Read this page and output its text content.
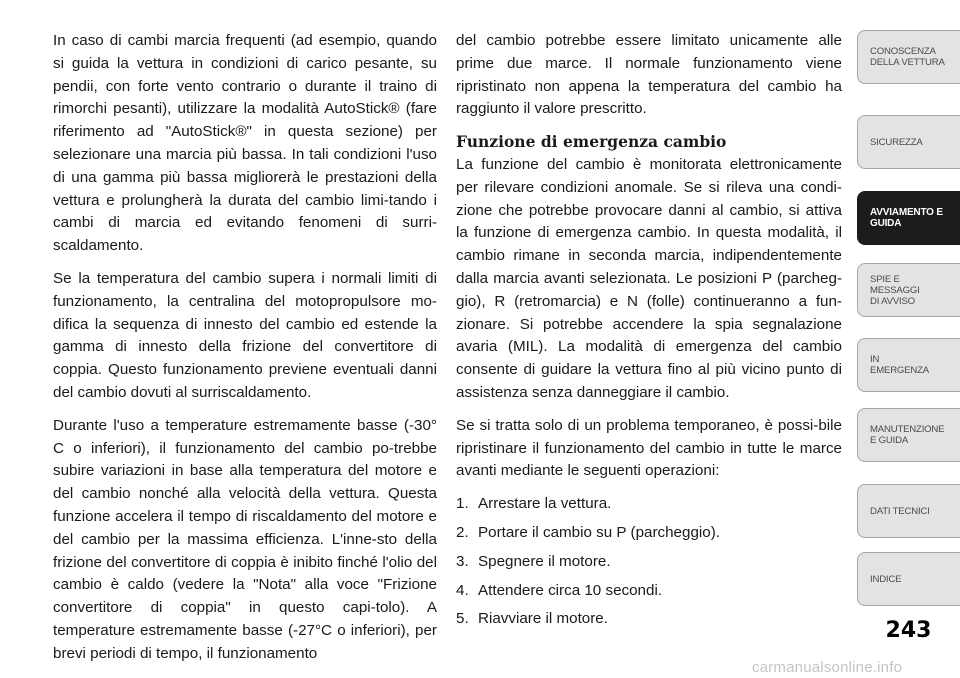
In caso di cambi marcia frequenti (ad esempio, quando si guida la vettura in condizioni di carico pesante, su pendii, con forte vento contrario o durante il traino di rimorchi pesanti), utilizzare la modalità AutoStick® (fare riferimento ad "AutoStick®" in questa sezione) per selezionare una marcia più bassa. In tali condizioni l'uso di una gamma più bassa migliorerà le prestazioni della vettura e prolungherà la durata del cambio limi-tando i cambi di marcia ed evitando fenomeni di surri-scaldamento.

Se la temperatura del cambio supera i normali limiti di funzionamento, la centralina del motopropulsore mo-difica la sequenza di innesto del cambio ed estende la gamma di innesto della frizione del convertitore di coppia. Questo funzionamento previene eventuali danni del cambio dovuti al surriscaldamento.

Durante l'uso a temperature estremamente basse (-30° C o inferiori), il funzionamento del cambio po-trebbe subire variazioni in base alla temperatura del motore e del cambio nonché alla velocità della vettura. Questa funzione accelera il tempo di riscaldamento del motore e del cambio per la massima efficienza. L'inne-sto della frizione del convertitore di coppia è inibito finché l'olio del cambio è caldo (vedere la "Nota" alla voce "Frizione convertitore di coppia" in questo capi-tolo). A temperature estremamente basse (-27°C o inferiori), per brevi periodi di tempo, il funzionamento

del cambio potrebbe essere limitato unicamente alle prime due marce. Il normale funzionamento viene ripristinato non appena la temperatura del cambio ha raggiunto il valore prescritto.

Funzione di emergenza cambio

La funzione del cambio è monitorata elettronicamente per rilevare condizioni anomale. Se si rileva una condi-zione che potrebbe provocare danni al cambio, si attiva la funzione di emergenza cambio. In questa modalità, il cambio rimane in seconda marcia, indipendentemente dalla marcia avanti selezionata. Le posizioni P (parcheg-gio), R (retromarcia) e N (folle) continueranno a fun-zionare. Si potrebbe accendere la spia segnalazione avaria (MIL). La modalità di emergenza del cambio consente di guidare la vettura fino al più vicino punto di assistenza senza danneggiare il cambio.

Se si tratta solo di un problema temporaneo, è possi-bile ripristinare il funzionamento del cambio in tutte le marce avanti mediante le seguenti operazioni:

1. Arrestare la vettura.
2. Portare il cambio su P (parcheggio).
3. Spegnere il motore.
4. Attendere circa 10 secondi.
5. Riavviare il motore.
CONOSCENZA
DELLA VETTURA
SICUREZZA
AVVIAMENTO E
GUIDA
SPIE E
MESSAGGI
DI AVVISO
IN
EMERGENZA
MANUTENZIONE
E GUIDA
DATI TECNICI
INDICE
243
carmanualsonline.info
